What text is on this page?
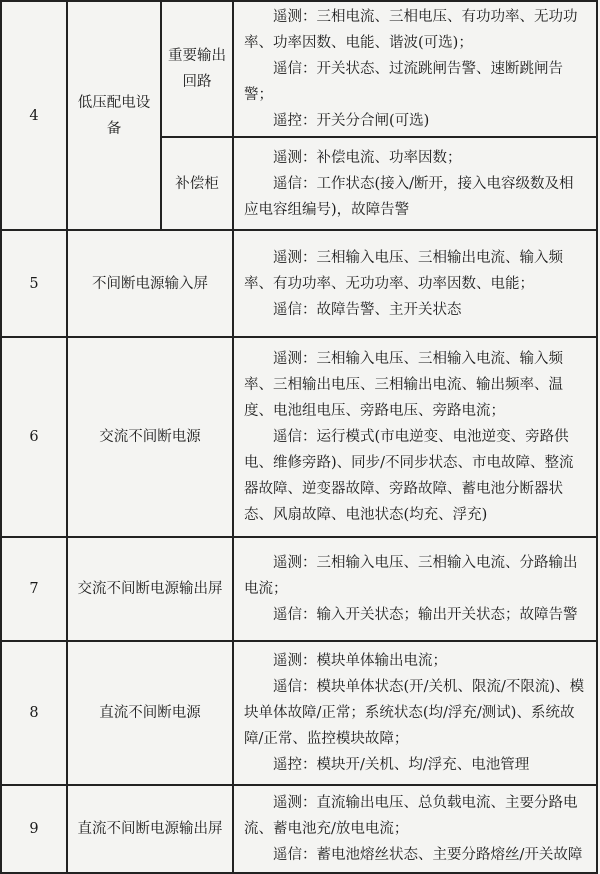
4	低压配电设备	重要输出回路	遥测：三相电流、三相电压、有功功率、无功功率、功率因数、电能、谐波(可选)；
遥信：开关状态、过流跳闸告警、速断跳闸告警；
遥控：开关分合闸(可选)

		补偿柜	遥测：补偿电流、功率因数；
遥信：工作状态(接入/断开，接入电容级数及相应电容组编号)，故障告警

5	不间断电源输入屏		遥测：三相输入电压、三相输出电流、输入频率、有功功率、无功功率、功率因数、电能；
遥信：故障告警、主开关状态

6	交流不间断电源		遥测：三相输入电压、三相输入电流、输入频率、三相输出电压、三相输出电流、输出频率、温度、电池组电压、旁路电压、旁路电流；
遥信：运行模式(市电逆变、电池逆变、旁路供电、维修旁路)、同步/不同步状态、市电故障、整流器故障、逆变器故障、旁路故障、蓄电池分断器状态、风扇故障、电池状态(均充、浮充)

7	交流不间断电源输出屏		遥测：三相输入电压、三相输入电流、分路输出电流；
遥信：输入开关状态；输出开关状态；故障告警

8	直流不间断电源		遥测：模块单体输出电流；
遥信：模块单体状态(开/关机、限流/不限流)、模块单体故障/正常；系统状态(均/浮充/测试)、系统故障/正常、监控模块故障；
遥控：模块开/关机、均/浮充、电池管理

9	直流不间断电源输出屏		遥测：直流输出电压、总负载电流、主要分路电流、蓄电池充/放电电流；
遥信：蓄电池熔丝状态、主要分路熔丝/开关故障
